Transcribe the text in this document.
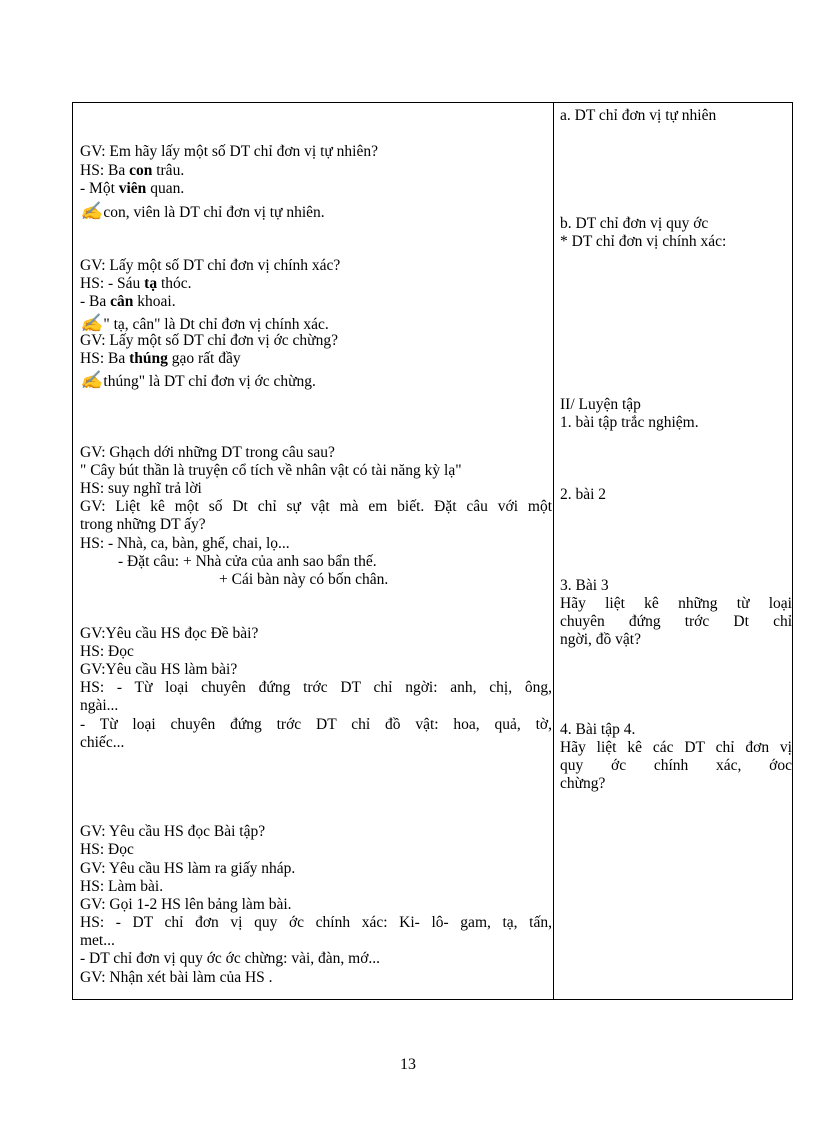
GV: Em hãy lấy một số DT chỉ đơn vị tự nhiên?
HS: Ba con trâu.
- Một viên quan.
✍con, viên là DT chỉ đơn vị tự nhiên.
GV: Lấy một số DT chỉ đơn vị chính xác?
HS: - Sáu tạ thóc.
- Ba cân khoai.
✍" tạ, cân" là Dt chỉ đơn vị chính xác.
GV: Lấy một số DT chỉ đơn vị ớc chừng?
HS: Ba thúng gạo rất đầy
✍thúng" là DT chỉ đơn vị ớc chừng.
GV: Ghạch dới những DT trong câu sau?
" Cây bút thần là truyện cổ tích về nhân vật có tài năng kỳ lạ"
HS: suy nghĩ trả lời
GV: Liệt kê một số Dt chỉ sự vật mà em biết. Đặt câu với một
trong những DT ấy?
HS: - Nhà, ca, bàn, ghế, chai, lọ...
- Đặt câu: + Nhà cửa của anh sao bẩn thế.
+ Cái bàn này có bốn chân.
GV:Yêu cầu HS đọc Đề bài?
HS: Đọc
GV:Yêu cầu HS làm bài?
HS: - Từ loại chuyên đứng trớc DT chỉ ngời: anh, chị, ông,
ngài...
- Từ loại chuyên đứng trớc DT chỉ đồ vật: hoa, quả, tờ,
chiếc...
GV: Yêu cầu HS đọc Bài tập?
HS: Đọc
GV: Yêu cầu HS làm ra giấy nháp.
HS: Làm bài.
GV: Gọi 1-2 HS lên bảng làm bài.
HS: - DT chỉ đơn vị quy ớc chính xác: Ki- lô- gam, tạ, tấn,
met...
- DT chỉ đơn vị quy ớc ớc chừng: vài, đàn, mớ...
GV: Nhận xét bài làm của HS .
a. DT chỉ đơn vị tự nhiên
b. DT chỉ đơn vị quy ớc
* DT chỉ đơn vị chính xác:
II/ Luyện tập
1. bài tập trắc nghiệm.
2. bài 2
3. Bài 3
Hãy liệt kê những từ loại
chuyên đứng trớc Dt chỉ
ngời, đồ vật?
4. Bài tập 4.
Hãy liệt kê các DT chỉ đơn vị
quy ớc chính xác, ớoc
chừng?
13
